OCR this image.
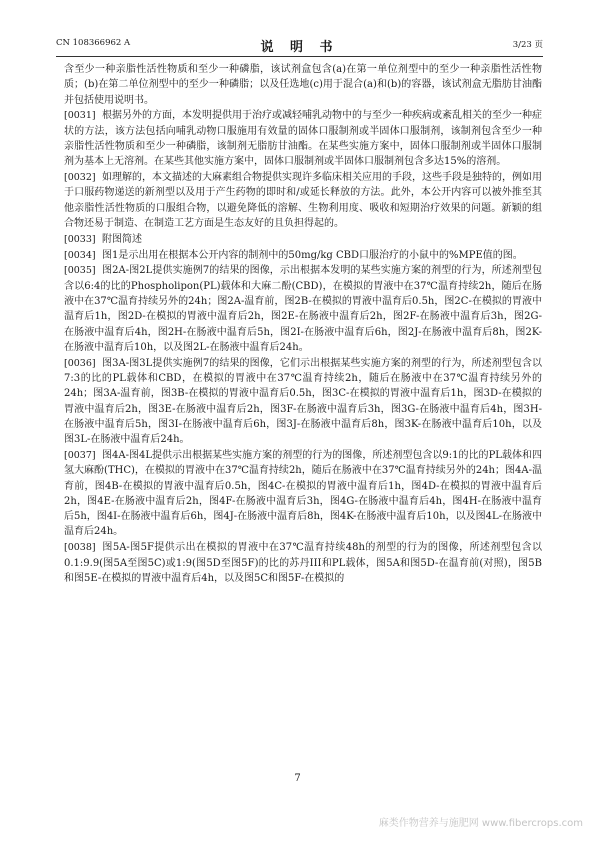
CN 108366962 A	说 明 书	3/23 页

含至少一种亲脂性活性物质和至少一种磷脂，该试剂盒包含(a)在第一单位剂型中的至少一种亲脂性活性物质；(b)在第二单位剂型中的至少一种磷脂；以及任选地(c)用于混合(a)和(b)的容器，该试剂盒无脂肪甘油酯并包括使用说明书。

[0031] 根据另外的方面，本发明提供用于治疗或减轻哺乳动物中的与至少一种疾病或紊乱相关的至少一种症状的方法，该方法包括向哺乳动物口服施用有效量的固体口服制剂或半固体口服制剂，该制剂包含至少一种亲脂性活性物质和至少一种磷脂，该制剂无脂肪甘油酯。在某些实施方案中，固体口服制剂或半固体口服制剂为基本上无溶剂。在某些其他实施方案中，固体口服制剂或半固体口服制剂包含多达15%的溶剂。

[0032] 如理解的，本文描述的大麻素组合物提供实现许多临床相关应用的手段，这些手段是独特的，例如用于口服药物递送的新剂型以及用于产生药物的即时和/或延长释放的方法。此外，本公开内容可以被外推至其他亲脂性活性物质的口服组合物，以避免降低的溶解、生物利用度、吸收和短期治疗效果的问题。新颖的组合物还易于制造、在制造工艺方面是生态友好的且负担得起的。

[0033] 附图简述

[0034] 图1是示出用在根据本公开内容的制剂中的50mg/kg CBD口服治疗的小鼠中的%MPE值的图。

[0035] 图2A-图2L提供实施例7的结果的图像，示出根据本发明的某些实施方案的剂型的行为，所述剂型包含以6:4的比的Phospholipon(PL)载体和大麻二酚(CBD)，在模拟的胃液中在37℃温育持续2h，随后在肠液中在37℃温育持续另外的24h；图2A-温育前，图2B-在模拟的胃液中温育后0.5h，图2C-在模拟的胃液中温育后1h，图2D-在模拟的胃液中温育后2h，图2E-在肠液中温育后2h，图2F-在肠液中温育后3h，图2G-在肠液中温育后4h，图2H-在肠液中温育后5h，图2I-在肠液中温育后6h，图2J-在肠液中温育后8h，图2K-在肠液中温育后10h，以及图2L-在肠液中温育后24h。

[0036] 图3A-图3L提供实施例7的结果的图像，它们示出根据某些实施方案的剂型的行为，所述剂型包含以7:3的比的PL载体和CBD，在模拟的胃液中在37℃温育持续2h，随后在肠液中在37℃温育持续另外的24h；图3A-温育前，图3B-在模拟的胃液中温育后0.5h，图3C-在模拟的胃液中温育后1h，图3D-在模拟的胃液中温育后2h，图3E-在肠液中温育后2h，图3F-在肠液中温育后3h，图3G-在肠液中温育后4h，图3H-在肠液中温育后5h，图3I-在肠液中温育后6h，图3J-在肠液中温育后8h，图3K-在肠液中温育后10h，以及图3L-在肠液中温育后24h。

[0037] 图4A-图4L提供示出根据某些实施方案的剂型的行为的图像，所述剂型包含以9:1的比的PL载体和四氢大麻酚(THC)，在模拟的胃液中在37℃温育持续2h，随后在肠液中在37℃温育持续另外的24h；图4A-温育前，图4B-在模拟的胃液中温育后0.5h，图4C-在模拟的胃液中温育后1h，图4D-在模拟的胃液中温育后2h，图4E-在肠液中温育后2h，图4F-在肠液中温育后3h，图4G-在肠液中温育后4h，图4H-在肠液中温育后5h，图4I-在肠液中温育后6h，图4J-在肠液中温育后8h，图4K-在肠液中温育后10h，以及图4L-在肠液中温育后24h。

[0038] 图5A-图5F提供示出在模拟的胃液中在37℃温育持续48h的剂型的行为的图像，所述剂型包含以0.1:9.9(图5A至图5C)或1:9(图5D至图5F)的比的苏丹III和PL载体，图5A和图5D-在温育前(对照)，图5B和图5E-在模拟的胃液中温育后4h，以及图5C和图5F-在模拟的

7
麻类作物营养与施肥网 www.fibercrops.com
